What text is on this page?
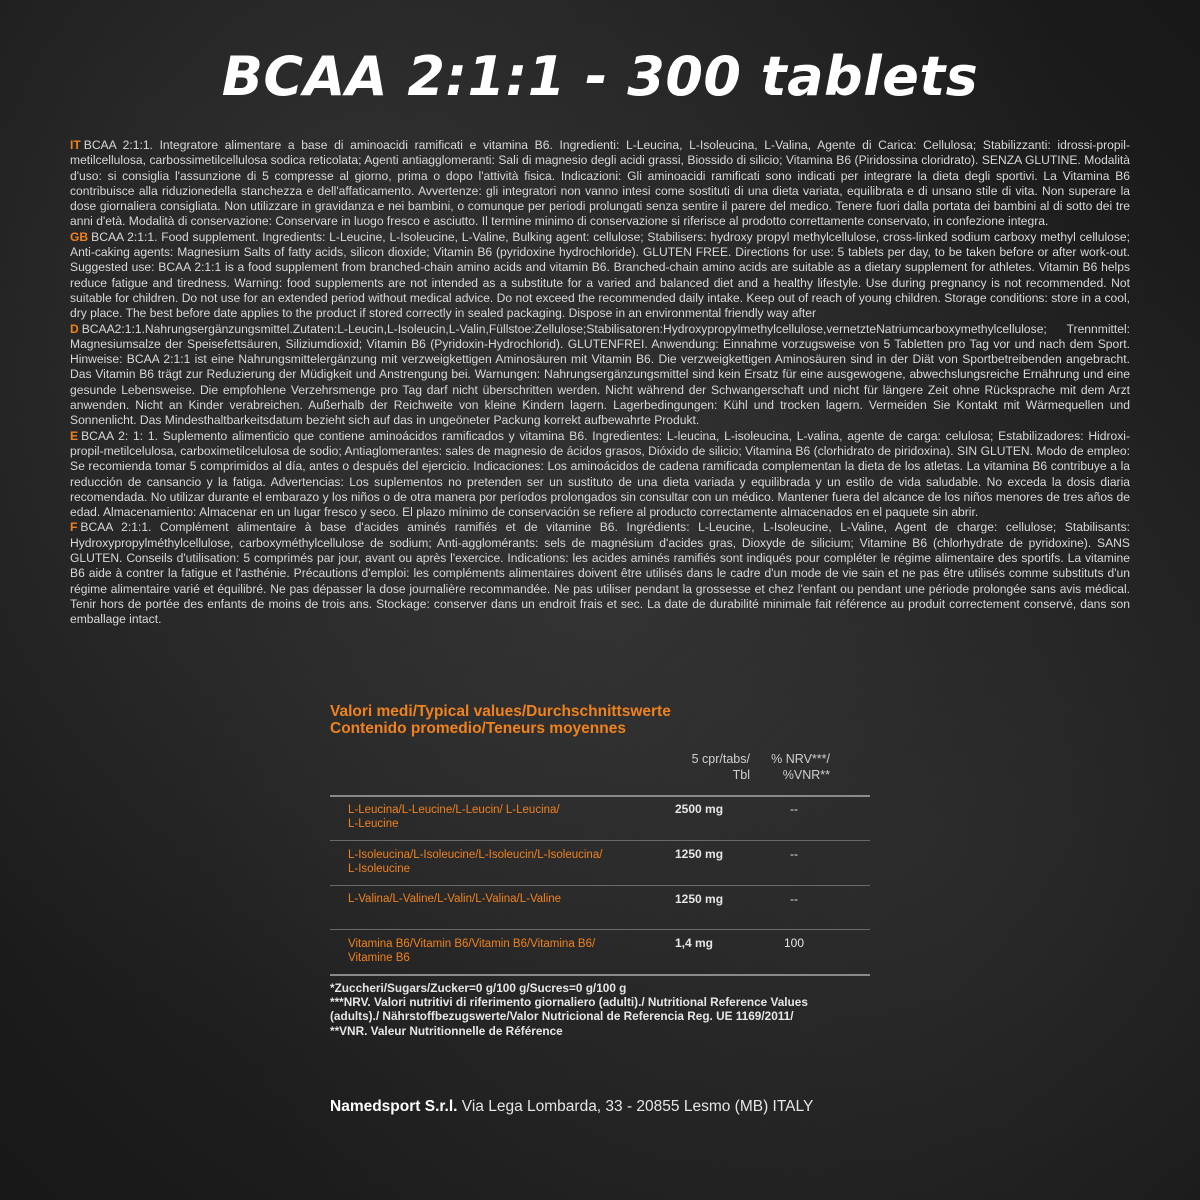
BCAA 2:1:1 - 300 tablets

IT BCAA 2:1:1. Integratore alimentare a base di aminoacidi ramificati e vitamina B6. Ingredienti: L-Leucina, L-Isoleucina, L-Valina, Agente di Carica: Cellulosa; Stabilizzanti: idrossi-propil-metilcellulosa, carbossimetilcellulosa sodica reticolata; Agenti antiagglomeranti: Sali di magnesio degli acidi grassi, Biossido di silicio; Vitamina B6 (Piridossina cloridrato). SENZA GLUTINE. Modalità d'uso: si consiglia l'assunzione di 5 compresse al giorno, prima o dopo l'attività fisica. Indicazioni: Gli aminoacidi ramificati sono indicati per integrare la dieta degli sportivi. La Vitamina B6 contribuisce alla riduzionedella stanchezza e dell'affaticamento. Avvertenze: gli integratori non vanno intesi come sostituti di una dieta variata, equilibrata e di unsano stile di vita. Non superare la dose giornaliera consigliata. Non utilizzare in gravidanza e nei bambini, o comunque per periodi prolungati senza sentire il parere del medico. Tenere fuori dalla portata dei bambini al di sotto dei tre anni d'età. Modalità di conservazione: Conservare in luogo fresco e asciutto. Il termine minimo di conservazione si riferisce al prodotto correttamente conservato, in confezione integra.

GB BCAA 2:1:1. Food supplement. Ingredients: L-Leucine, L-Isoleucine, L-Valine, Bulking agent: cellulose; Stabilisers: hydroxy propyl methylcellulose, cross-linked sodium carboxy methyl cellulose; Anti-caking agents: Magnesium Salts of fatty acids, silicon dioxide; Vitamin B6 (pyridoxine hydrochloride). GLUTEN FREE. Directions for use: 5 tablets per day, to be taken before or after work-out. Suggested use: BCAA 2:1:1 is a food supplement from branched-chain amino acids and vitamin B6. Branched-chain amino acids are suitable as a dietary supplement for athletes. Vitamin B6 helps reduce fatigue and tiredness. Warning: food supplements are not intended as a substitute for a varied and balanced diet and a healthy lifestyle. Use during pregnancy is not recommended. Not suitable for children. Do not use for an extended period without medical advice. Do not exceed the recommended daily intake. Keep out of reach of young children. Storage conditions: store in a cool, dry place. The best before date applies to the product if stored correctly in sealed packaging. Dispose in an environmental friendly way after

D BCAA2:1:1.Nahrungsergänzungsmittel.Zutaten:L-Leucin,L-Isoleucin,L-Valin,Füllstoe:Zellulose;Stabilisatoren:Hydroxypropylmethylcellulose,vernetzteNatriumcarboxymethylcellulose; Trennmittel: Magnesiumsalze der Speisefettsäuren, Siliziumdioxid; Vitamin B6 (Pyridoxin-Hydrochlorid). GLUTENFREI. Anwendung: Einnahme vorzugsweise von 5 Tabletten pro Tag vor und nach dem Sport. Hinweise: BCAA 2:1:1 ist eine Nahrungsmittelergänzung mit verzweigkettigen Aminosäuren mit Vitamin B6. Die verzweigkettigen Aminosäuren sind in der Diät von Sportbetreibenden angebracht. Das Vitamin B6 trägt zur Reduzierung der Müdigkeit und Anstrengung bei. Warnungen: Nahrungsergänzungsmittel sind kein Ersatz für eine ausgewogene, abwechslungsreiche Ernährung und eine gesunde Lebensweise. Die empfohlene Verzehrsmenge pro Tag darf nicht überschritten werden. Nicht während der Schwangerschaft und nicht für längere Zeit ohne Rücksprache mit dem Arzt anwenden. Nicht an Kinder verabreichen. Außerhalb der Reichweite von kleine Kindern lagern. Lagerbedingungen: Kühl und trocken lagern. Vermeiden Sie Kontakt mit Wärmequellen und Sonnenlicht. Das Mindesthaltbarkeitsdatum bezieht sich auf das in ungeöneter Packung korrekt aufbewahrte Produkt.

E BCAA 2: 1: 1. Suplemento alimenticio que contiene aminoácidos ramificados y vitamina B6. Ingredientes: L-leucina, L-isoleucina, L-valina, agente de carga: celulosa; Estabilizadores: Hidroxi-propil-metilcelulosa, carboximetilcelulosa de sodio; Antiaglomerantes: sales de magnesio de ácidos grasos, Dióxido de silicio; Vitamina B6 (clorhidrato de piridoxina). SIN GLUTEN. Modo de empleo: Se recomienda tomar 5 comprimidos al día, antes o después del ejercicio. Indicaciones: Los aminoácidos de cadena ramificada complementan la dieta de los atletas. La vitamina B6 contribuye a la reducción de cansancio y la fatiga. Advertencias: Los suplementos no pretenden ser un sustituto de una dieta variada y equilibrada y un estilo de vida saludable. No exceda la dosis diaria recomendada. No utilizar durante el embarazo y los niños o de otra manera por períodos prolongados sin consultar con un médico. Mantener fuera del alcance de los niños menores de tres años de edad. Almacenamiento: Almacenar en un lugar fresco y seco. El plazo mínimo de conservación se refiere al producto correctamente almacenados en el paquete sin abrir.

F BCAA 2:1:1. Complément alimentaire à base d'acides aminés ramifiés et de vitamine B6. Ingrédients: L-Leucine, L-Isoleucine, L-Valine, Agent de charge: cellulose; Stabilisants: Hydroxypropylméthylcellulose, carboxyméthylcellulose de sodium; Anti-agglomérants: sels de magnésium d'acides gras, Dioxyde de silicium; Vitamine B6 (chlorhydrate de pyridoxine). SANS GLUTEN. Conseils d'utilisation: 5 comprimés par jour, avant ou après l'exercice. Indications: les acides aminés ramifiés sont indiqués pour compléter le régime alimentaire des sportifs. La vitamine B6 aide à contrer la fatigue et l'asthénie. Précautions d'emploi: les compléments alimentaires doivent être utilisés dans le cadre d'un mode de vie sain et ne pas être utilisés comme substituts d'un régime alimentaire varié et équilibré. Ne pas dépasser la dose journalière recommandée. Ne pas utiliser pendant la grossesse et chez l'enfant ou pendant une période prolongée sans avis médical. Tenir hors de portée des enfants de moins de trois ans. Stockage: conserver dans un endroit frais et sec. La date de durabilité minimale fait référence au produit correctement conservé, dans son emballage intact.

Valori medi/Typical values/Durchschnittswerte
Contenido promedio/Teneurs moyennes
5 cpr/tabs/
Tbl
% NRV***/
%VNR**
L-Leucina/L-Leucine/L-Leucin/ L-Leucina/
L-Leucine
2500 mg	--
L-Isoleucina/L-Isoleucine/L-Isoleucin/L-Isoleucina/
L-Isoleucine
1250 mg	--
L-Valina/L-Valine/L-Valin/L-Valina/L-Valine	1250 mg	--
Vitamina B6/Vitamin B6/Vitamin B6/Vitamina B6/
Vitamine B6
1,4 mg	100
*Zuccheri/Sugars/Zucker=0 g/100 g/Sucres=0 g/100 g
***NRV. Valori nutritivi di riferimento giornaliero (adulti)./ Nutritional Reference Values
(adults)./ Nährstoffbezugswerte/Valor Nutricional de Referencia Reg. UE 1169/2011/
**VNR. Valeur Nutritionnelle de Référence
Namedsport S.r.l. Via Lega Lombarda, 33 - 20855 Lesmo (MB) ITALY
